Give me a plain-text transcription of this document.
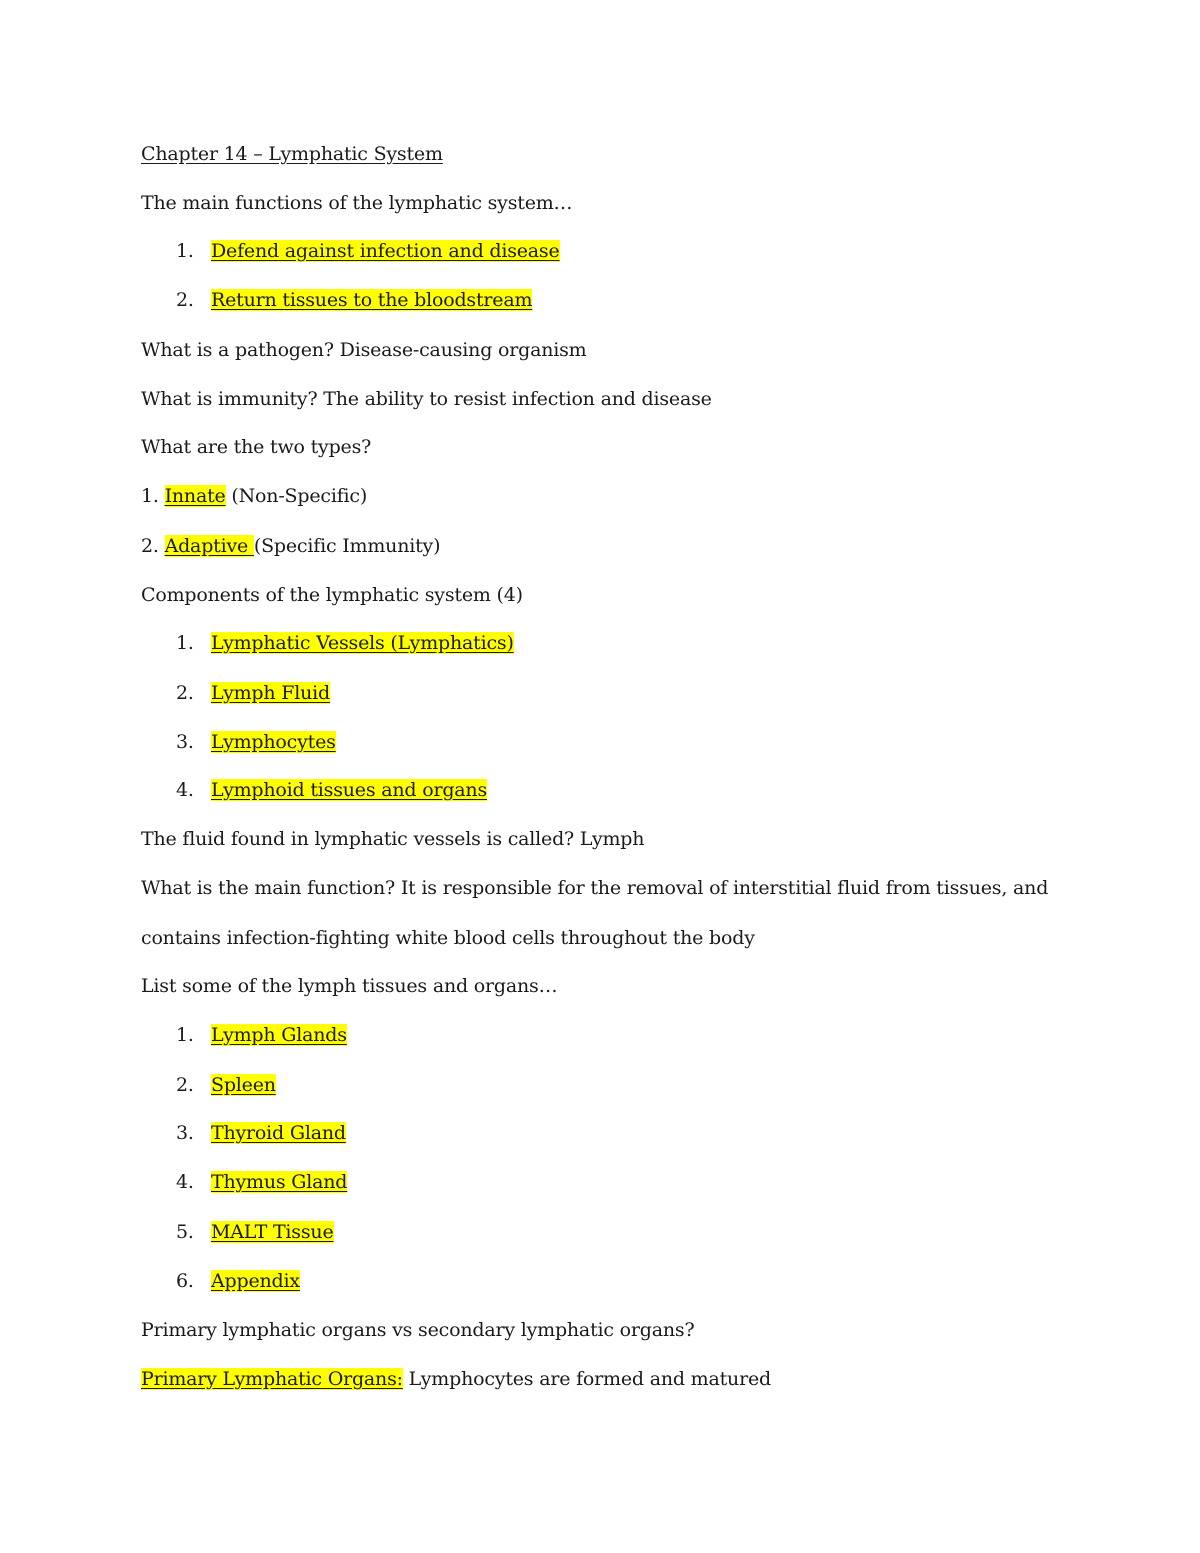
Chapter 14 – Lymphatic System
The main functions of the lymphatic system…
1. Defend against infection and disease
2. Return tissues to the bloodstream
What is a pathogen? Disease-causing organism
What is immunity? The ability to resist infection and disease
What are the two types?
1. Innate (Non-Specific)
2. Adaptive (Specific Immunity)
Components of the lymphatic system (4)
1. Lymphatic Vessels (Lymphatics)
2. Lymph Fluid
3. Lymphocytes
4. Lymphoid tissues and organs
The fluid found in lymphatic vessels is called? Lymph
What is the main function? It is responsible for the removal of interstitial fluid from tissues, and
contains infection-fighting white blood cells throughout the body
List some of the lymph tissues and organs…
1. Lymph Glands
2. Spleen
3. Thyroid Gland
4. Thymus Gland
5. MALT Tissue
6. Appendix
Primary lymphatic organs vs secondary lymphatic organs?
Primary Lymphatic Organs: Lymphocytes are formed and matured
